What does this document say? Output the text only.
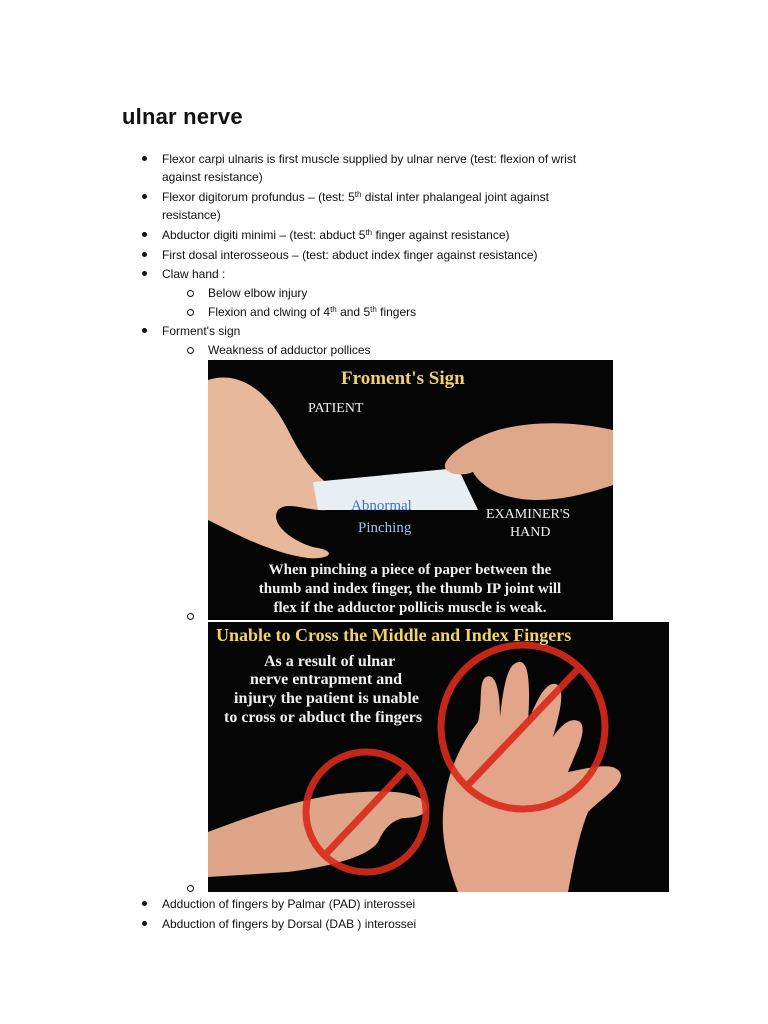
ulnar nerve
Flexor carpi ulnaris is first muscle supplied by ulnar nerve (test: flexion of wrist
against resistance)
Flexor digitorum profundus – (test: 5th distal inter phalangeal joint against
resistance)
Abductor digiti minimi – (test: abduct 5th finger against resistance)
First dosal interosseous – (test: abduct index finger against resistance)
Claw hand :
Below elbow injury
Flexion and clwing of 4th and 5th fingers
Forment's sign
Weakness of adductor pollices
Froment's Sign
PATIENT
Abnormal
Pinching
EXAMINER'S
HAND
When pinching a piece of paper between the
thumb and index finger, the thumb IP joint will
flex if the adductor pollicis muscle is weak.
Unable to Cross the Middle and Index Fingers
As a result of ulnar
nerve entrapment and
injury the patient is unable
to cross or abduct the fingers
Adduction of fingers by Palmar (PAD) interossei
Abduction of fingers by Dorsal (DAB ) interossei
